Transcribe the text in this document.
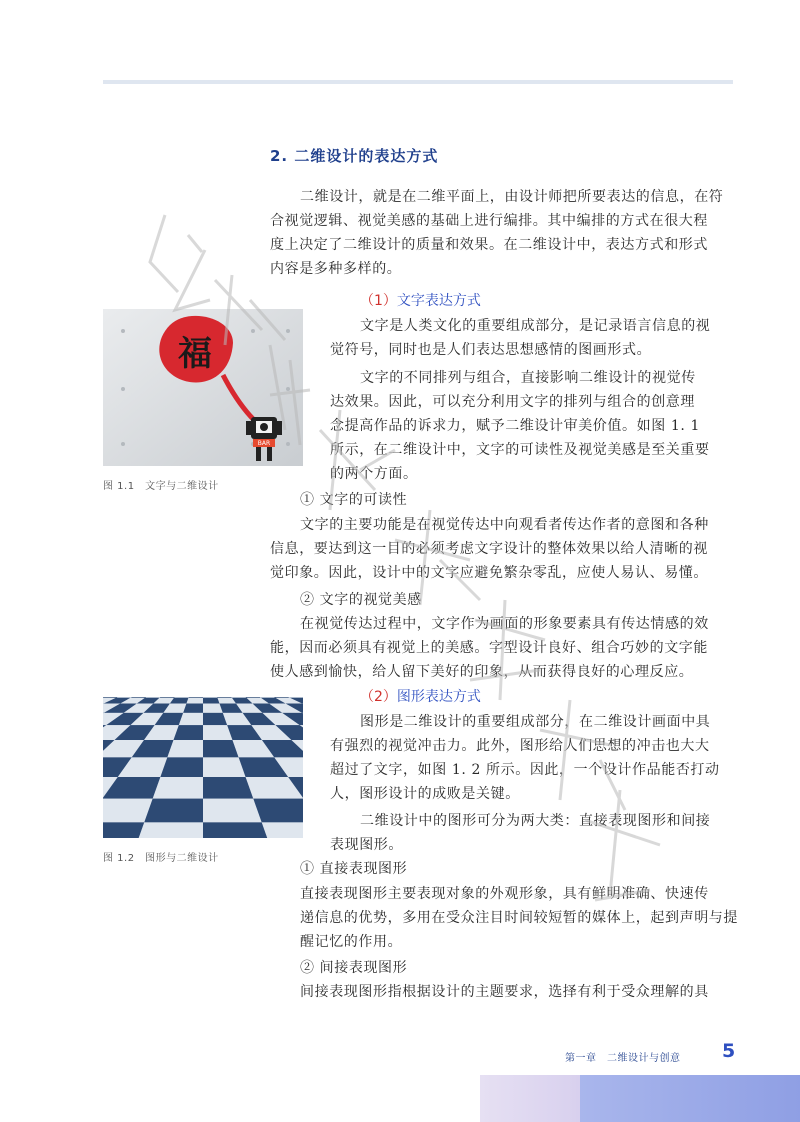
2. 二维设计的表达方式
二维设计，就是在二维平面上，由设计师把所要表达的信息，在符
合视觉逻辑、视觉美感的基础上进行编排。其中编排的方式在很大程
度上决定了二维设计的质量和效果。在二维设计中，表达方式和形式
内容是多种多样的。
（1）文字表达方式
文字是人类文化的重要组成部分，是记录语言信息的视
觉符号，同时也是人们表达思想感情的图画形式。
文字的不同排列与组合，直接影响二维设计的视觉传
达效果。因此，可以充分利用文字的排列与组合的创意理
念提高作品的诉求力，赋予二维设计审美价值。如图 1. 1
所示，在二维设计中，文字的可读性及视觉美感是至关重要
的两个方面。
① 文字的可读性
文字的主要功能是在视觉传达中向观看者传达作者的意图和各种
信息，要达到这一目的必须考虑文字设计的整体效果以给人清晰的视
觉印象。因此，设计中的文字应避免繁杂零乱，应使人易认、易懂。
② 文字的视觉美感
在视觉传达过程中，文字作为画面的形象要素具有传达情感的效
能，因而必须具有视觉上的美感。字型设计良好、组合巧妙的文字能
使人感到愉快，给人留下美好的印象，从而获得良好的心理反应。
（2）图形表达方式
图形是二维设计的重要组成部分，在二维设计画面中具
有强烈的视觉冲击力。此外，图形给人们思想的冲击也大大
超过了文字，如图 1. 2 所示。因此，一个设计作品能否打动
人，图形设计的成败是关键。
二维设计中的图形可分为两大类：直接表现图形和间接
表现图形。
① 直接表现图形
直接表现图形主要表现对象的外观形象，具有鲜明准确、快速传
递信息的优势，多用在受众注目时间较短暂的媒体上，起到声明与提
醒记忆的作用。
② 间接表现图形
间接表现图形指根据设计的主题要求，选择有利于受众理解的具
福
BAR
图 1.1　文字与二维设计
图 1.2　图形与二维设计
第一章　二维设计与创意 5
